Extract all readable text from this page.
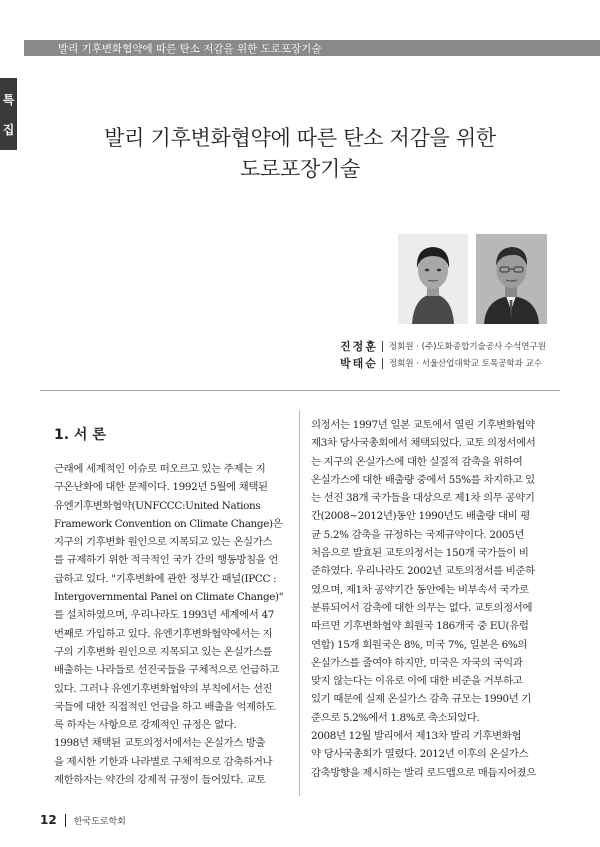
발리 기후변화협약에 따른 탄소 저감을 위한 도로포장기술
특
집	발리 기후변화협약에 따른 탄소 저감을 위한
도로포장기술
진정훈 정회원 · (주)도화종합기술공사 수석연구원
박태순 정회원 · 서울산업대학교 토목공학과 교수
1. 서 론
근래에 세계적인 이슈로 떠오르고 있는 주제는 지
구온난화에 대한 문제이다. 1992년 5월에 채택된
유엔기후변화협약(UNFCCC:United Nations
Framework Convention on Climate Change)은
지구의 기후변화 원인으로 지목되고 있는 온실가스
를 규제하기 위한 적극적인 국가 간의 행동방침을 언
급하고 있다. "기후변화에 관한 정부간 패널(IPCC :
Intergovernmental Panel on Climate Change)"
를 설치하였으며, 우리나라도 1993년 세계에서 47
번째로 가입하고 있다. 유엔기후변화협약에서는 지
구의 기후변화 원인으로 지목되고 있는 온실가스를
배출하는 나라들로 선진국들을 구체적으로 언급하고
있다. 그러나 유엔기후변화협약의 부칙에서는 선진
국들에 대한 직접적인 언급을 하고 배출을 억제하도
록 하자는 사항으로 강제적인 규정은 없다.
1998년 채택된 교토의정서에서는 온실가스 방출
을 제시한 기한과 나라별로 구체적으로 감축하거나
제한하자는 약간의 강제적 규정이 들어있다. 교토
의정서는 1997년 일본 교토에서 열린 기후변화협약
제3차 당사국총회에서 채택되었다. 교토 의정서에서
는 지구의 온실가스에 대한 실질적 감축을 위하여
온실가스에 대한 배출량 중에서 55%를 차지하고 있
는 선진 38개 국가들을 대상으로 제1차 의무 공약기
간(2008~2012년)동안 1990년도 배출량 대비 평
균 5.2% 감축을 규정하는 국제규약이다. 2005년
처음으로 발효된 교토의정서는 150개 국가들이 비
준하였다. 우리나라도 2002년 교토의정서를 비준하
였으며, 제1차 공약기간 동안에는 비부속서 국가로
분류되어서 감축에 대한 의무는 없다. 교토의정서에
따르면 기후변화협약 회원국 186개국 중 EU(유럽
연합) 15개 회원국은 8%, 미국 7%, 일본은 6%의
온실가스를 줄여야 하지만, 미국은 자국의 국익과
맞지 않는다는 이유로 이에 대한 비준을 거부하고
있기 때문에 실제 온실가스 감축 규모는 1990년 기
준으로 5.2%에서 1.8%로 축소되었다.
2008년 12월 발리에서 제13차 발리 기후변화협
약 당사국총회가 열렸다. 2012년 이후의 온실가스
감축방향을 제시하는 발리 로드맵으로 매듭지어졌으
12 한국도로학회
